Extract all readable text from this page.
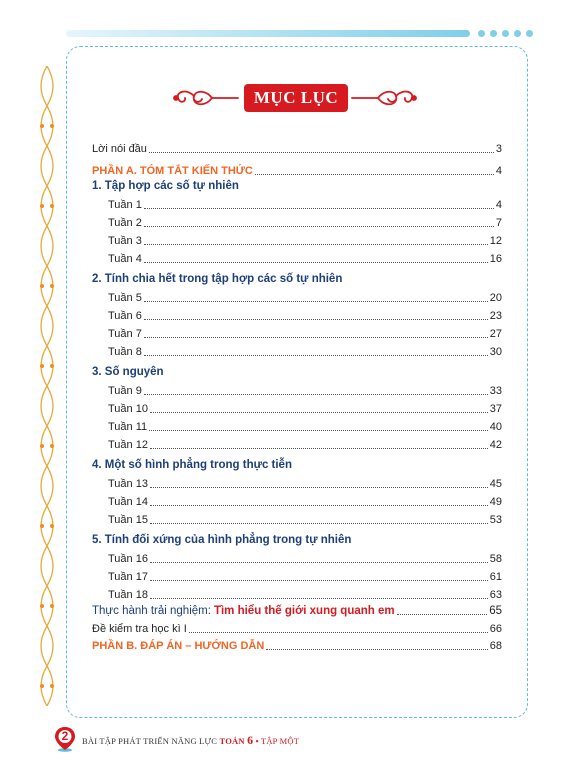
MỤC LỤC
Lời nói đầu	3
PHẦN A. TÓM TẮT KIẾN THỨC	4
1. Tập hợp các số tự nhiên
Tuần 1	4
Tuần 2	7
Tuần 3	12
Tuần 4	16
2. Tính chia hết trong tập hợp các số tự nhiên
Tuần 5	20
Tuần 6	23
Tuần 7	27
Tuần 8	30
3. Số nguyên
Tuần 9	33
Tuần 10	37
Tuần 11	40
Tuần 12	42
4. Một số hình phẳng trong thực tiễn
Tuần 13	45
Tuần 14	49
Tuần 15	53
5. Tính đối xứng của hình phẳng trong tự nhiên
Tuần 16	58
Tuần 17	61
Tuần 18	63
Thực hành trải nghiệm: Tìm hiểu thế giới xung quanh em	65
Đề kiểm tra học kì I	66
PHẦN B. ĐÁP ÁN – HƯỚNG DẪN	68
2	BÀI TẬP PHÁT TRIỂN NĂNG LỰC TOÁN 6 • TẬP MỘT
